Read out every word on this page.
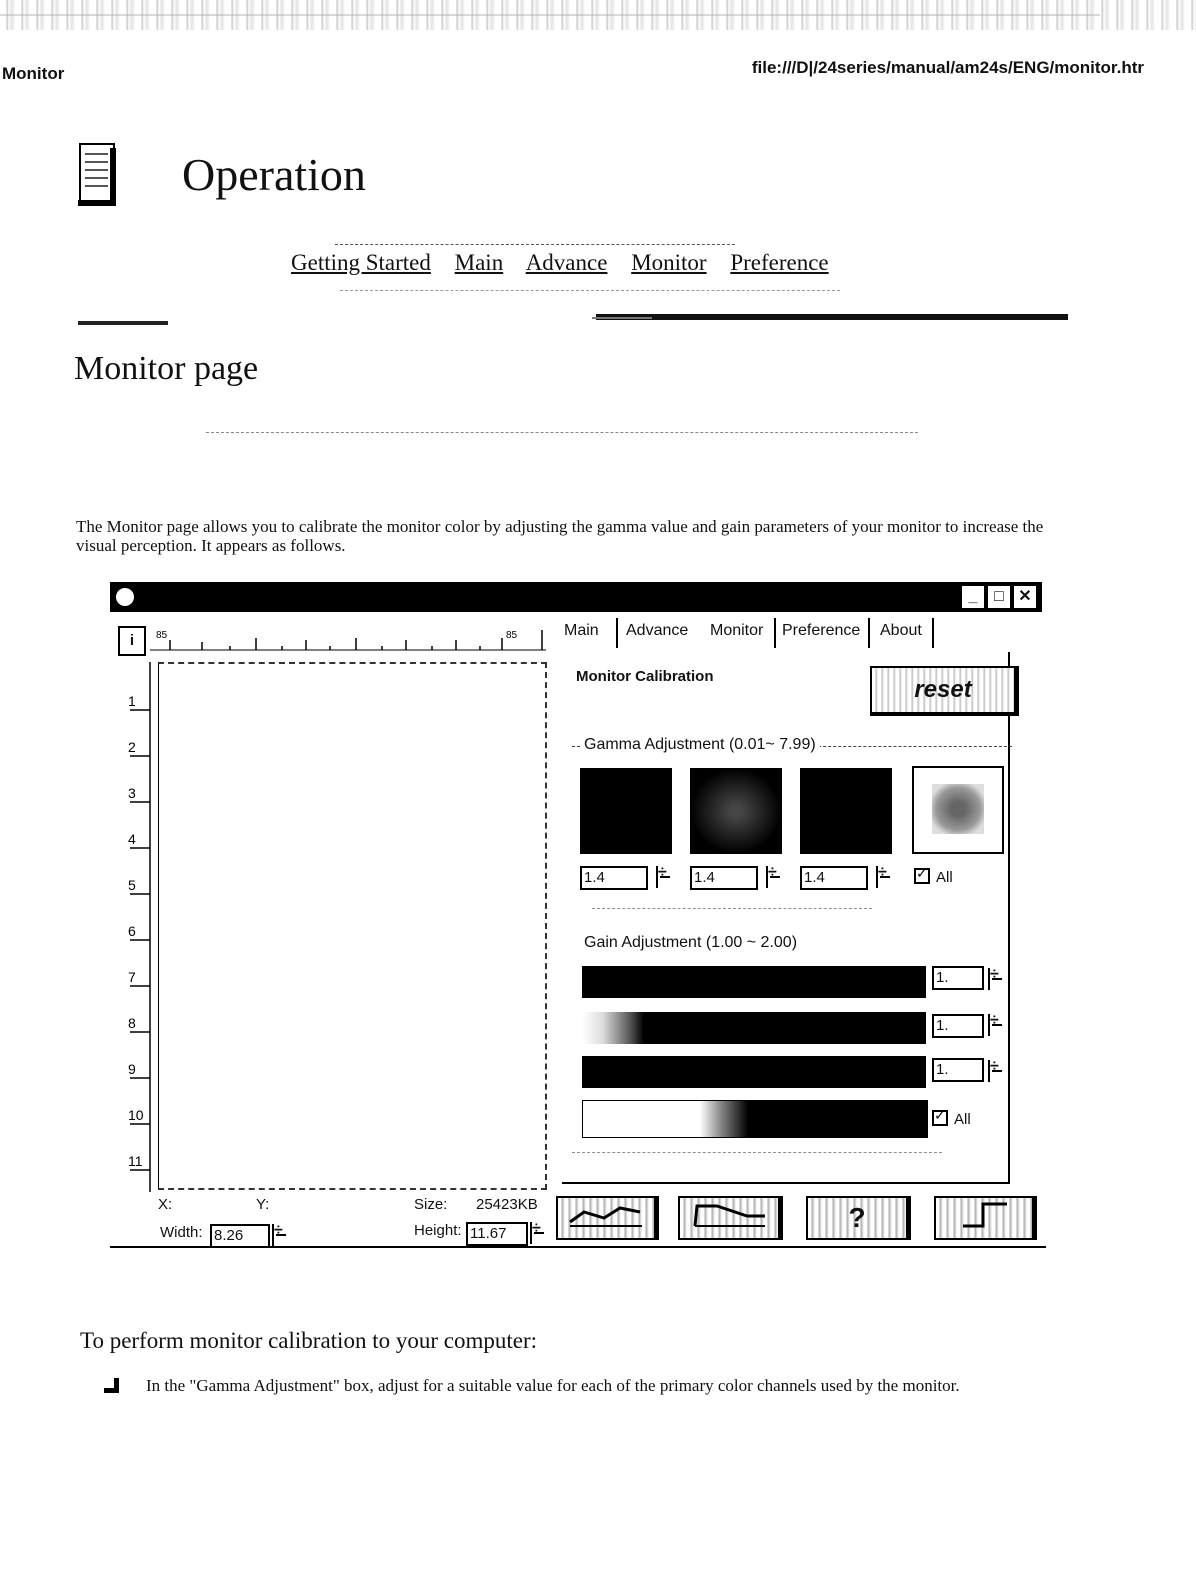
Monitor	file:///D|/24series/manual/am24s/ENG/monitor.htr
Operation
Getting Started Main Advance Monitor Preference
Monitor page
The Monitor page allows you to calibrate the monitor color by adjusting the gamma value and gain parameters of your monitor to increase the visual perception. It appears as follows.
_	□ ✕
i	85	85
1
2
3
4
5
6
7
8
9
10
11
X:	Y:	Size: 25423KB
Width: 8.26 ÷	Height: 11.67
÷
Main Advance Monitor Preference About
Monitor Calibration	reset
Gamma Adjustment (0.01~ 7.99)
1.4 ÷	1.4 ÷	1.4 ÷ ✓	All
Gain Adjustment (1.00 ~ 2.00)
1.
÷
1.
÷
1.
÷
✓All
?
To perform monitor calibration to your computer:
In the "Gamma Adjustment" box, adjust for a suitable value for each of the primary color channels used by the monitor.
